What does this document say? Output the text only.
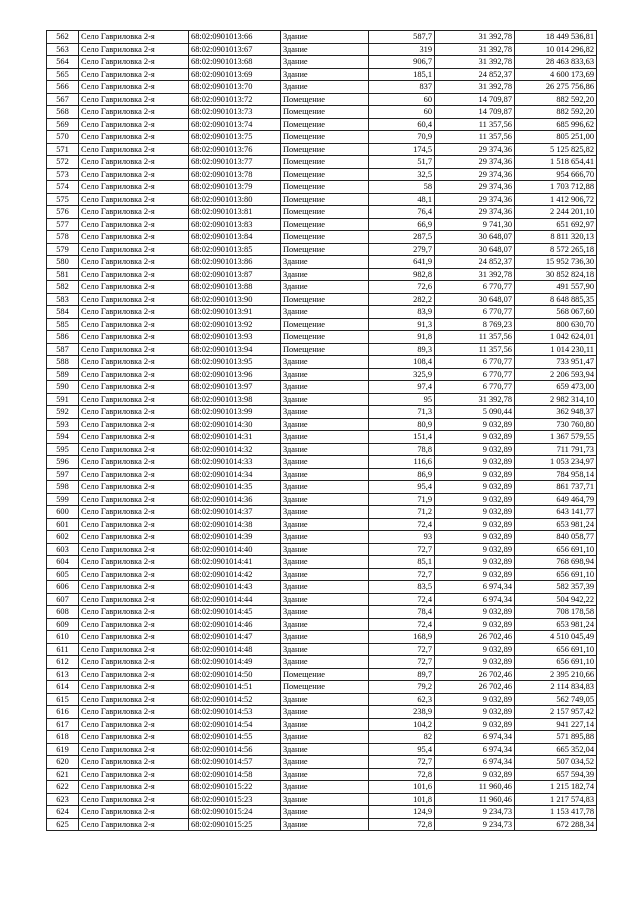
562	Село Гавриловка 2-я	68:02:0901013:66	Здание	587,7	31 392,78	18 449 536,81
563	Село Гавриловка 2-я	68:02:0901013:67	Здание	319	31 392,78	10 014 296,82
564	Село Гавриловка 2-я	68:02:0901013:68	Здание	906,7	31 392,78	28 463 833,63
565	Село Гавриловка 2-я	68:02:0901013:69	Здание	185,1	24 852,37	4 600 173,69
566	Село Гавриловка 2-я	68:02:0901013:70	Здание	837	31 392,78	26 275 756,86
567	Село Гавриловка 2-я	68:02:0901013:72	Помещение	60	14 709,87	882 592,20
568	Село Гавриловка 2-я	68:02:0901013:73	Помещение	60	14 709,87	882 592,20
569	Село Гавриловка 2-я	68:02:0901013:74	Помещение	60,4	11 357,56	685 996,62
570	Село Гавриловка 2-я	68:02:0901013:75	Помещение	70,9	11 357,56	805 251,00
571	Село Гавриловка 2-я	68:02:0901013:76	Помещение	174,5	29 374,36	5 125 825,82
572	Село Гавриловка 2-я	68:02:0901013:77	Помещение	51,7	29 374,36	1 518 654,41
573	Село Гавриловка 2-я	68:02:0901013:78	Помещение	32,5	29 374,36	954 666,70
574	Село Гавриловка 2-я	68:02:0901013:79	Помещение	58	29 374,36	1 703 712,88
575	Село Гавриловка 2-я	68:02:0901013:80	Помещение	48,1	29 374,36	1 412 906,72
576	Село Гавриловка 2-я	68:02:0901013:81	Помещение	76,4	29 374,36	2 244 201,10
577	Село Гавриловка 2-я	68:02:0901013:83	Помещение	66,9	9 741,30	651 692,97
578	Село Гавриловка 2-я	68:02:0901013:84	Помещение	287,5	30 648,07	8 811 320,13
579	Село Гавриловка 2-я	68:02:0901013:85	Помещение	279,7	30 648,07	8 572 265,18
580	Село Гавриловка 2-я	68:02:0901013:86	Здание	641,9	24 852,37	15 952 736,30
581	Село Гавриловка 2-я	68:02:0901013:87	Здание	982,8	31 392,78	30 852 824,18
582	Село Гавриловка 2-я	68:02:0901013:88	Здание	72,6	6 770,77	491 557,90
583	Село Гавриловка 2-я	68:02:0901013:90	Помещение	282,2	30 648,07	8 648 885,35
584	Село Гавриловка 2-я	68:02:0901013:91	Здание	83,9	6 770,77	568 067,60
585	Село Гавриловка 2-я	68:02:0901013:92	Помещение	91,3	8 769,23	800 630,70
586	Село Гавриловка 2-я	68:02:0901013:93	Помещение	91,8	11 357,56	1 042 624,01
587	Село Гавриловка 2-я	68:02:0901013:94	Помещение	89,3	11 357,56	1 014 230,11
588	Село Гавриловка 2-я	68:02:0901013:95	Здание	108,4	6 770,77	733 951,47
589	Село Гавриловка 2-я	68:02:0901013:96	Здание	325,9	6 770,77	2 206 593,94
590	Село Гавриловка 2-я	68:02:0901013:97	Здание	97,4	6 770,77	659 473,00
591	Село Гавриловка 2-я	68:02:0901013:98	Здание	95	31 392,78	2 982 314,10
592	Село Гавриловка 2-я	68:02:0901013:99	Здание	71,3	5 090,44	362 948,37
593	Село Гавриловка 2-я	68:02:0901014:30	Здание	80,9	9 032,89	730 760,80
594	Село Гавриловка 2-я	68:02:0901014:31	Здание	151,4	9 032,89	1 367 579,55
595	Село Гавриловка 2-я	68:02:0901014:32	Здание	78,8	9 032,89	711 791,73
596	Село Гавриловка 2-я	68:02:0901014:33	Здание	116,6	9 032,89	1 053 234,97
597	Село Гавриловка 2-я	68:02:0901014:34	Здание	86,9	9 032,89	784 958,14
598	Село Гавриловка 2-я	68:02:0901014:35	Здание	95,4	9 032,89	861 737,71
599	Село Гавриловка 2-я	68:02:0901014:36	Здание	71,9	9 032,89	649 464,79
600	Село Гавриловка 2-я	68:02:0901014:37	Здание	71,2	9 032,89	643 141,77
601	Село Гавриловка 2-я	68:02:0901014:38	Здание	72,4	9 032,89	653 981,24
602	Село Гавриловка 2-я	68:02:0901014:39	Здание	93	9 032,89	840 058,77
603	Село Гавриловка 2-я	68:02:0901014:40	Здание	72,7	9 032,89	656 691,10
604	Село Гавриловка 2-я	68:02:0901014:41	Здание	85,1	9 032,89	768 698,94
605	Село Гавриловка 2-я	68:02:0901014:42	Здание	72,7	9 032,89	656 691,10
606	Село Гавриловка 2-я	68:02:0901014:43	Здание	83,5	6 974,34	582 357,39
607	Село Гавриловка 2-я	68:02:0901014:44	Здание	72,4	6 974,34	504 942,22
608	Село Гавриловка 2-я	68:02:0901014:45	Здание	78,4	9 032,89	708 178,58
609	Село Гавриловка 2-я	68:02:0901014:46	Здание	72,4	9 032,89	653 981,24
610	Село Гавриловка 2-я	68:02:0901014:47	Здание	168,9	26 702,46	4 510 045,49
611	Село Гавриловка 2-я	68:02:0901014:48	Здание	72,7	9 032,89	656 691,10
612	Село Гавриловка 2-я	68:02:0901014:49	Здание	72,7	9 032,89	656 691,10
613	Село Гавриловка 2-я	68:02:0901014:50	Помещение	89,7	26 702,46	2 395 210,66
614	Село Гавриловка 2-я	68:02:0901014:51	Помещение	79,2	26 702,46	2 114 834,83
615	Село Гавриловка 2-я	68:02:0901014:52	Здание	62,3	9 032,89	562 749,05
616	Село Гавриловка 2-я	68:02:0901014:53	Здание	238,9	9 032,89	2 157 957,42
617	Село Гавриловка 2-я	68:02:0901014:54	Здание	104,2	9 032,89	941 227,14
618	Село Гавриловка 2-я	68:02:0901014:55	Здание	82	6 974,34	571 895,88
619	Село Гавриловка 2-я	68:02:0901014:56	Здание	95,4	6 974,34	665 352,04
620	Село Гавриловка 2-я	68:02:0901014:57	Здание	72,7	6 974,34	507 034,52
621	Село Гавриловка 2-я	68:02:0901014:58	Здание	72,8	9 032,89	657 594,39
622	Село Гавриловка 2-я	68:02:0901015:22	Здание	101,6	11 960,46	1 215 182,74
623	Село Гавриловка 2-я	68:02:0901015:23	Здание	101,8	11 960,46	1 217 574,83
624	Село Гавриловка 2-я	68:02:0901015:24	Здание	124,9	9 234,73	1 153 417,78
625	Село Гавриловка 2-я	68:02:0901015:25	Здание	72,8	9 234,73	672 288,34
